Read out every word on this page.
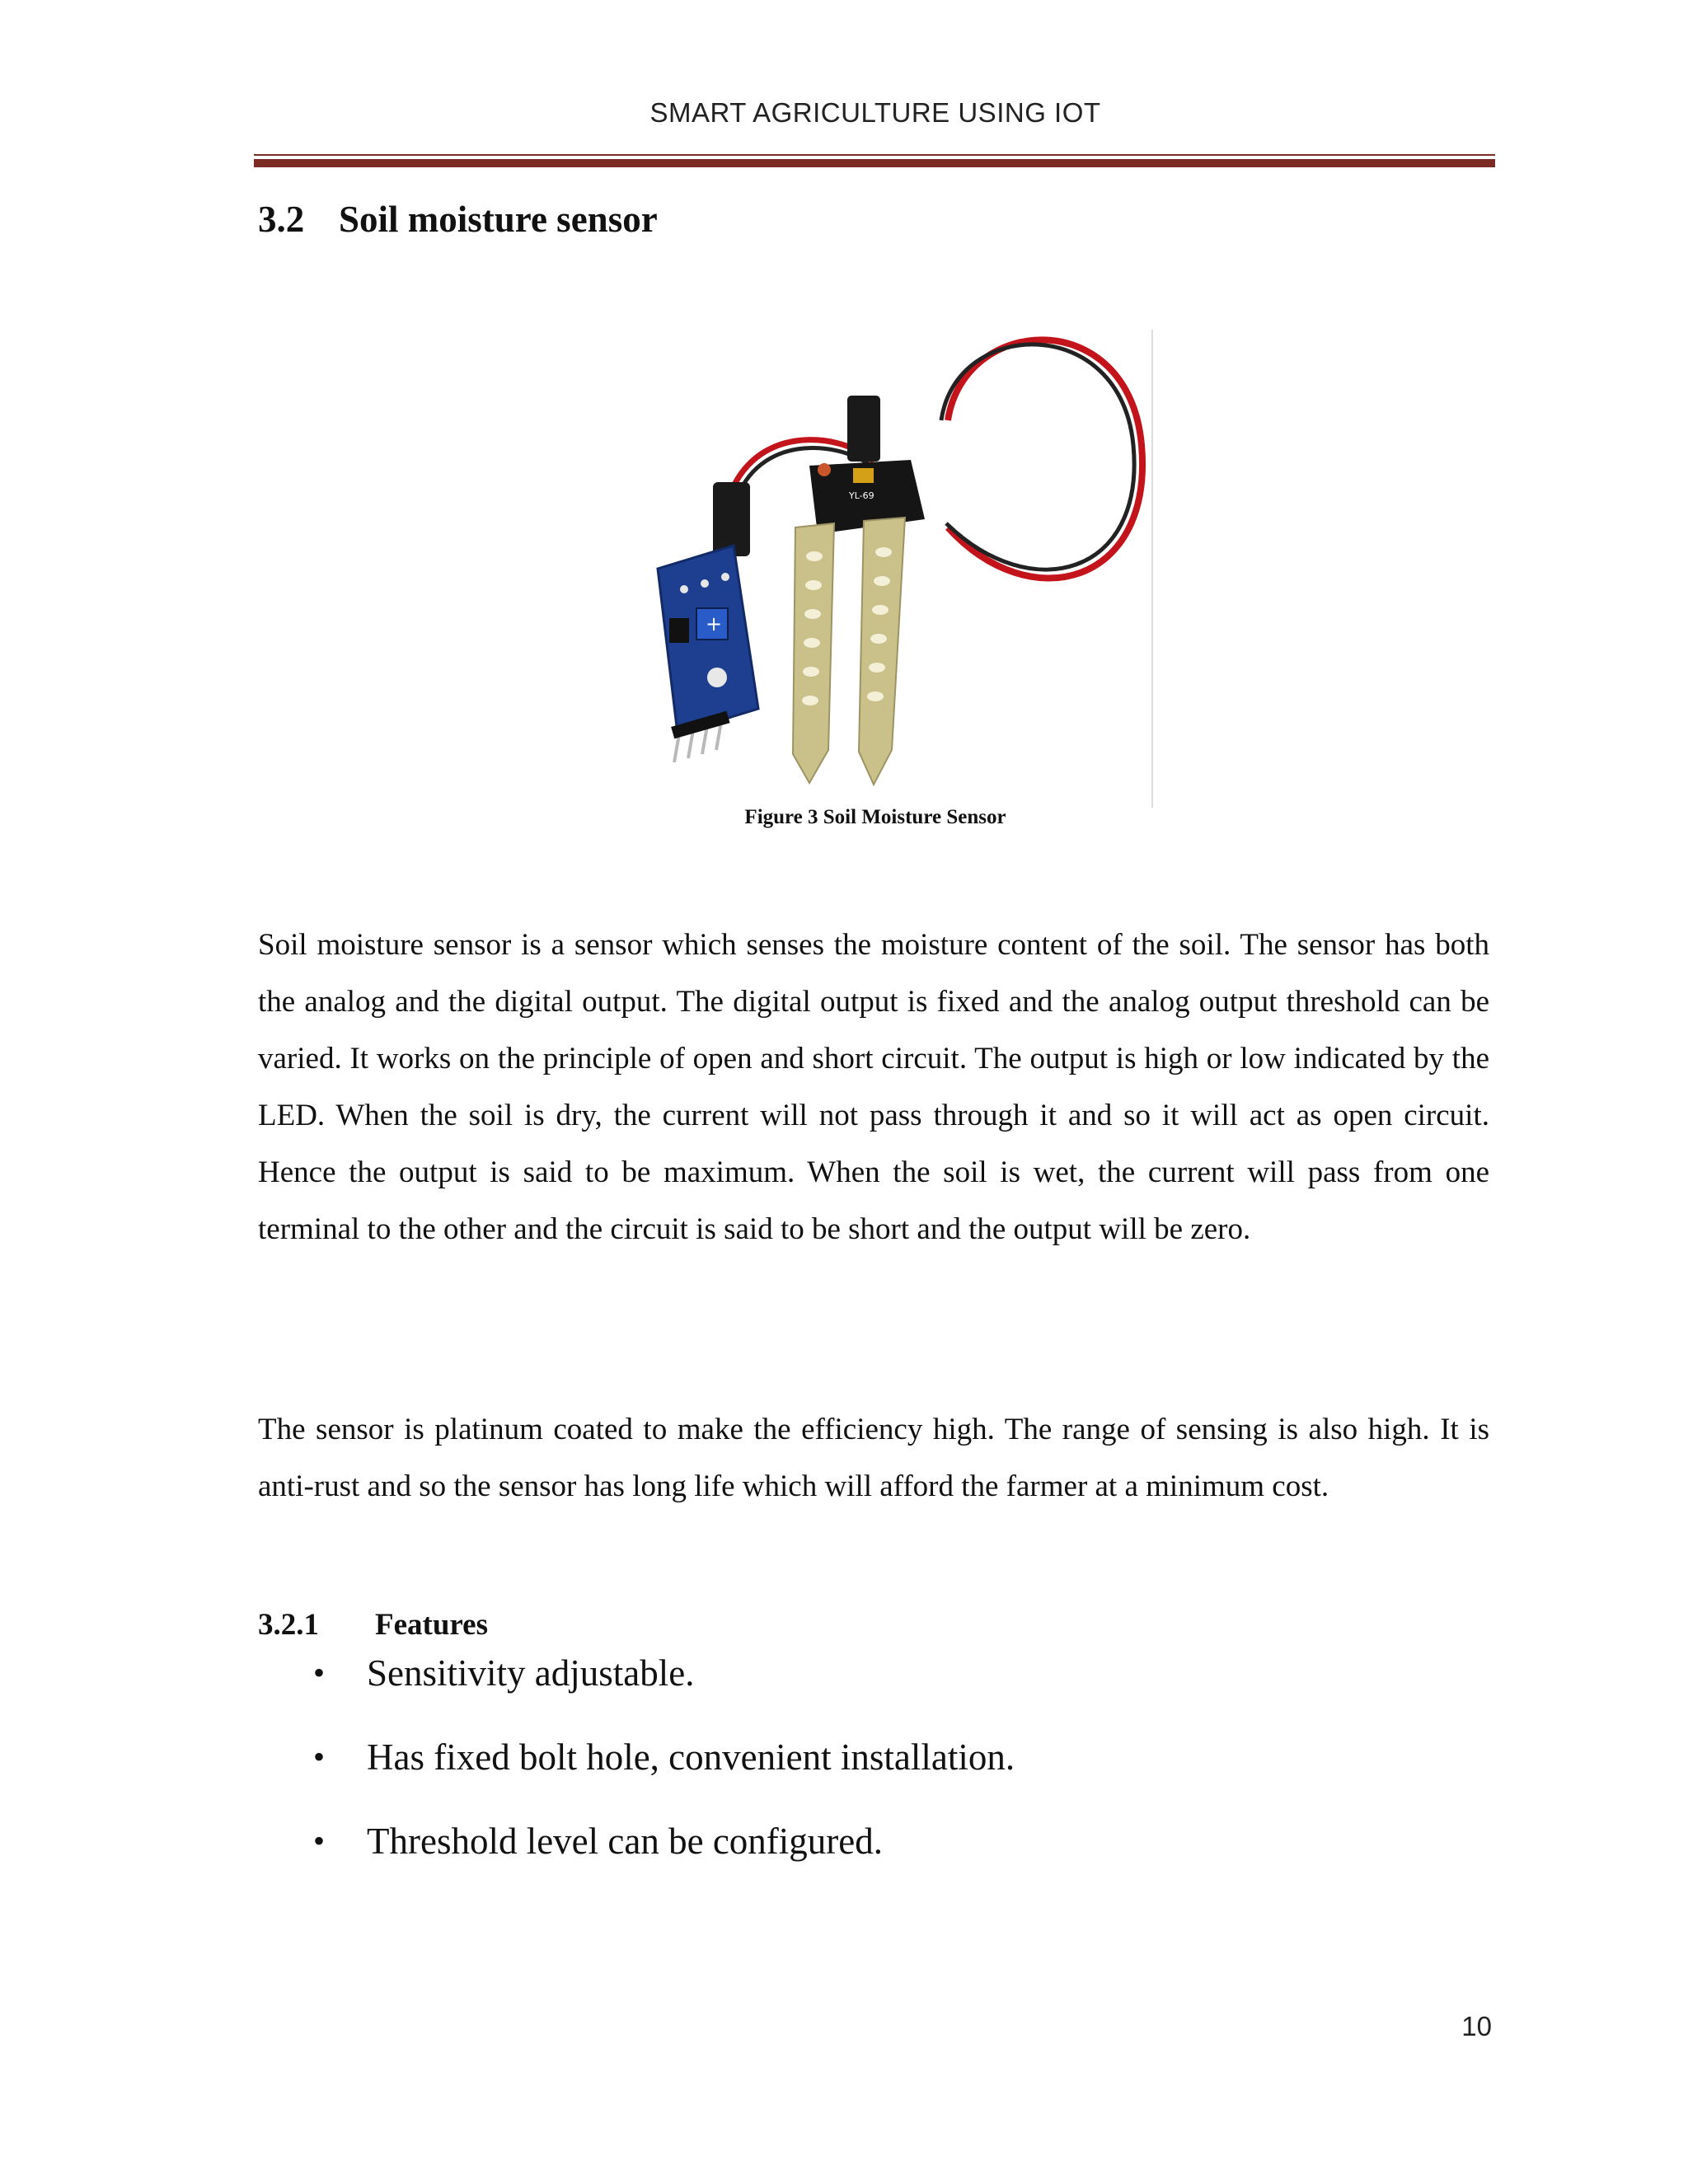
SMART AGRICULTURE USING IOT
3.2 Soil moisture sensor
YL-69
+
Figure 3 Soil Moisture Sensor

Soil moisture sensor is a sensor which senses the moisture content of the soil. The sensor has both the analog and the digital output. The digital output is fixed and the analog output threshold can be varied. It works on the principle of open and short circuit. The output is high or low indicated by the LED. When the soil is dry, the current will not pass through it and so it will act as open circuit. Hence the output is said to be maximum. When the soil is wet, the current will pass from one terminal to the other and the circuit is said to be short and the output will be zero.

The sensor is platinum coated to make the efficiency high. The range of sensing is also high. It is anti-rust and so the sensor has long life which will afford the farmer at a minimum cost.

3.2.1 Features
• Sensitivity adjustable.
• Has fixed bolt hole, convenient installation.
• Threshold level can be configured.
10
